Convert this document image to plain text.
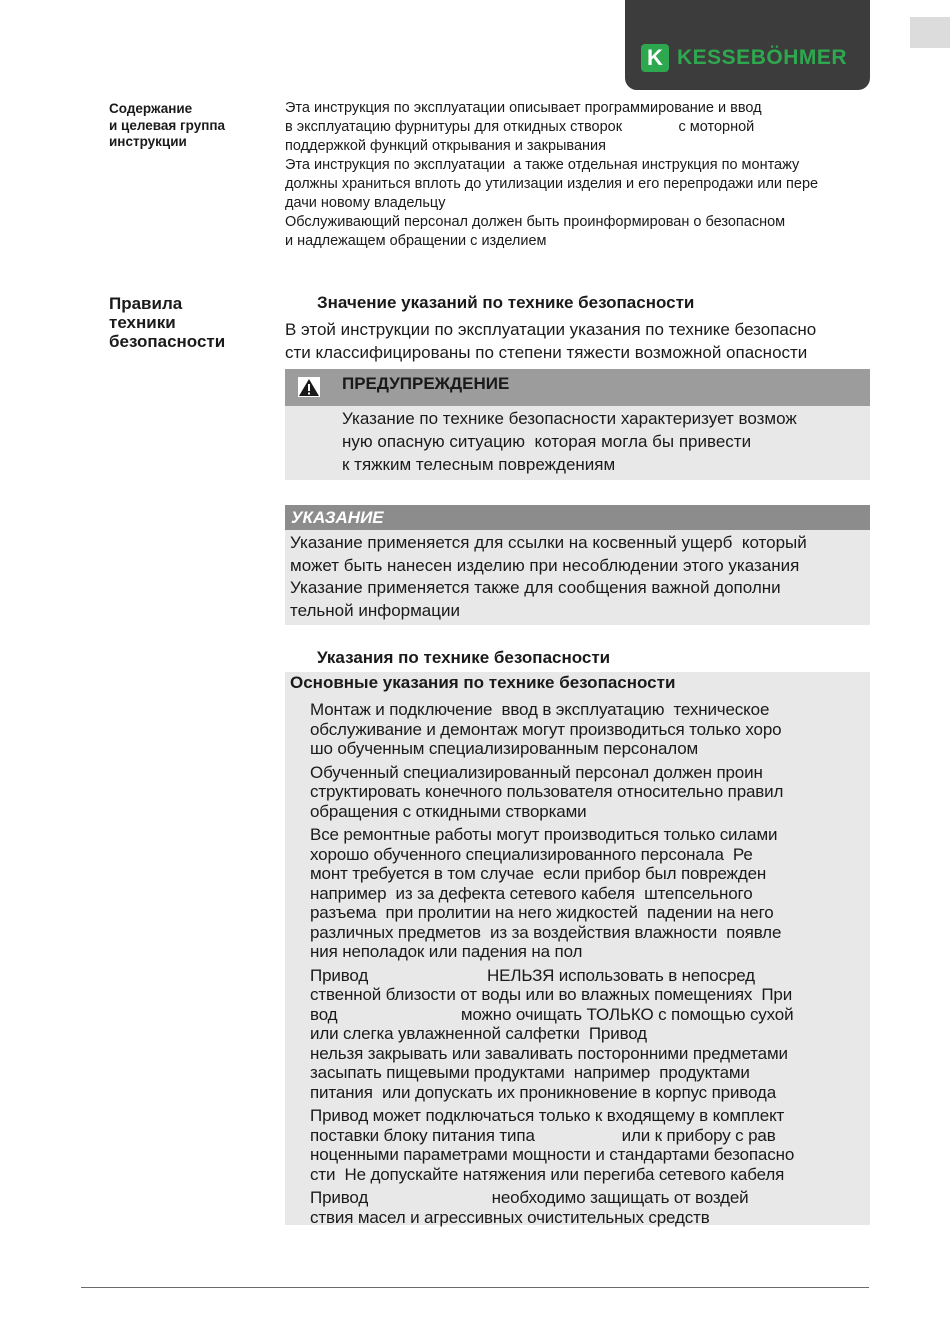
K KESSEBÖHMER
Содержание
и целевая группа
инструкции
Правила
техники
безопасности
Эта инструкция по эксплуатации описывает программирование и ввод
в эксплуатацию фурнитуры для откидных створок              с моторной
поддержкой функций открывания и закрывания
Эта инструкция по эксплуатации  а также отдельная инструкция по монтажу
должны храниться вплоть до утилизации изделия и его перепродажи или пере
дачи новому владельцу
Обслуживающий персонал должен быть проинформирован о безопасном
и надлежащем обращении с изделием
Значение указаний по технике безопасности
В этой инструкции по эксплуатации указания по технике безопасно
сти классифицированы по степени тяжести возможной опасности
ПРЕДУПРЕЖДЕНИЕ
Указание по технике безопасности характеризует возмож
ную опасную ситуацию  которая могла бы привести
к тяжким телесным повреждениям
УКАЗАНИЕ
Указание применяется для ссылки на косвенный ущерб  который
может быть нанесен изделию при несоблюдении этого указания
Указание применяется также для сообщения важной дополни
тельной информации
Указания по технике безопасности
Основные указания по технике безопасности
Монтаж и подключение  ввод в эксплуатацию  техническое
обслуживание и демонтаж могут производиться только хоро
шо обученным специализированным персоналом
Обученный специализированный персонал должен проин
структировать конечного пользователя относительно правил
обращения с откидными створками
Все ремонтные работы могут производиться только силами
хорошо обученного специализированного персонала  Ре
монт требуется в том случае  если прибор был поврежден
например  из за дефекта сетевого кабеля  штепсельного
разъема  при пролитии на него жидкостей  падении на него
различных предметов  из за воздействия влажности  появле
ния неполадок или падения на пол
Привод                          НЕЛЬЗЯ использовать в непосред
ственной близости от воды или во влажных помещениях  При
вод                           можно очищать ТОЛЬКО с помощью сухой
или слегка увлажненной салфетки  Привод
нельзя закрывать или заваливать посторонними предметами
засыпать пищевыми продуктами  например  продуктами
питания  или допускать их проникновение в корпус привода
Привод может подключаться только к входящему в комплект
поставки блоку питания типа                   или к прибору с рав
ноценными параметрами мощности и стандартами безопасно
сти  Не допускайте натяжения или перегиба сетевого кабеля
Привод                           необходимо защищать от воздей
ствия масел и агрессивных очистительных средств
